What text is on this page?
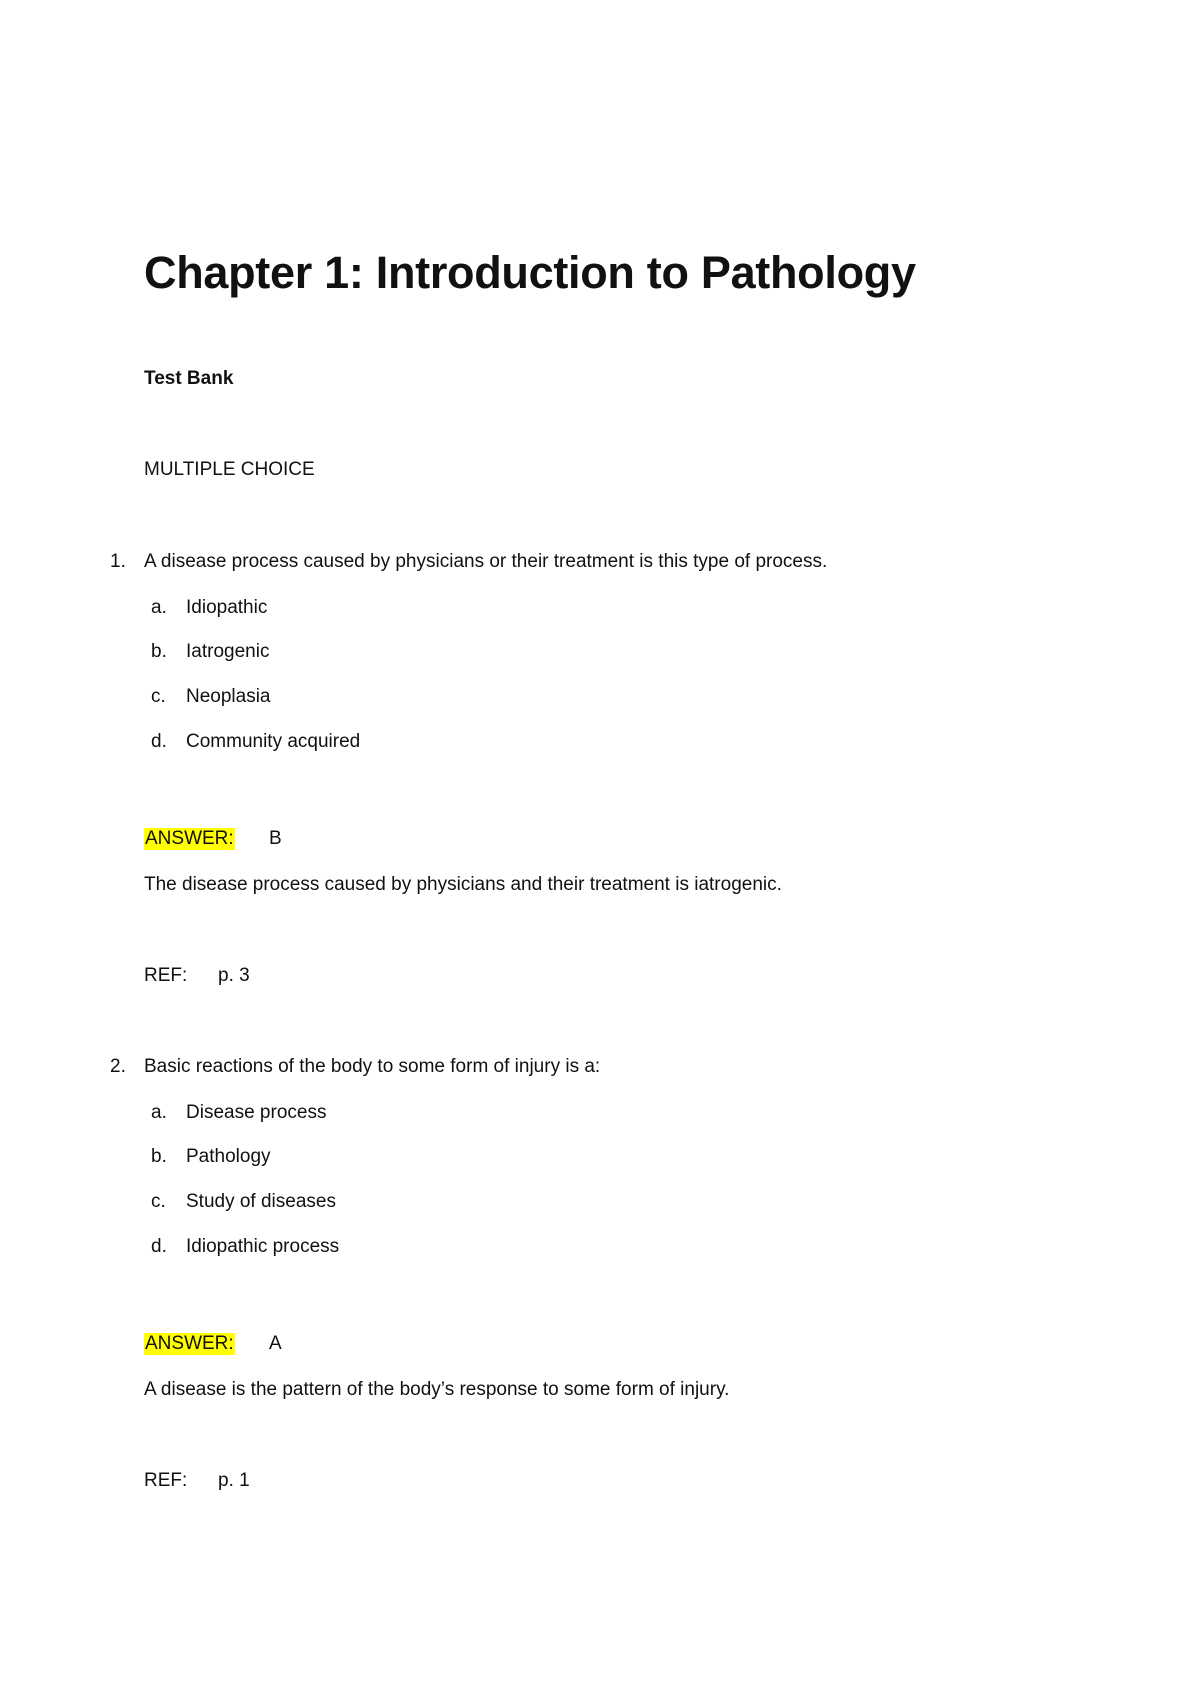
Chapter 1: Introduction to Pathology
Test Bank
MULTIPLE CHOICE
1. A disease process caused by physicians or their treatment is this type of process.
a. Idiopathic
b. Iatrogenic
c. Neoplasia
d. Community acquired
ANSWER: B
The disease process caused by physicians and their treatment is iatrogenic.
REF: p. 3
2. Basic reactions of the body to some form of injury is a:
a. Disease process
b. Pathology
c. Study of diseases
d. Idiopathic process
ANSWER: A
A disease is the pattern of the body’s response to some form of injury.
REF: p. 1
